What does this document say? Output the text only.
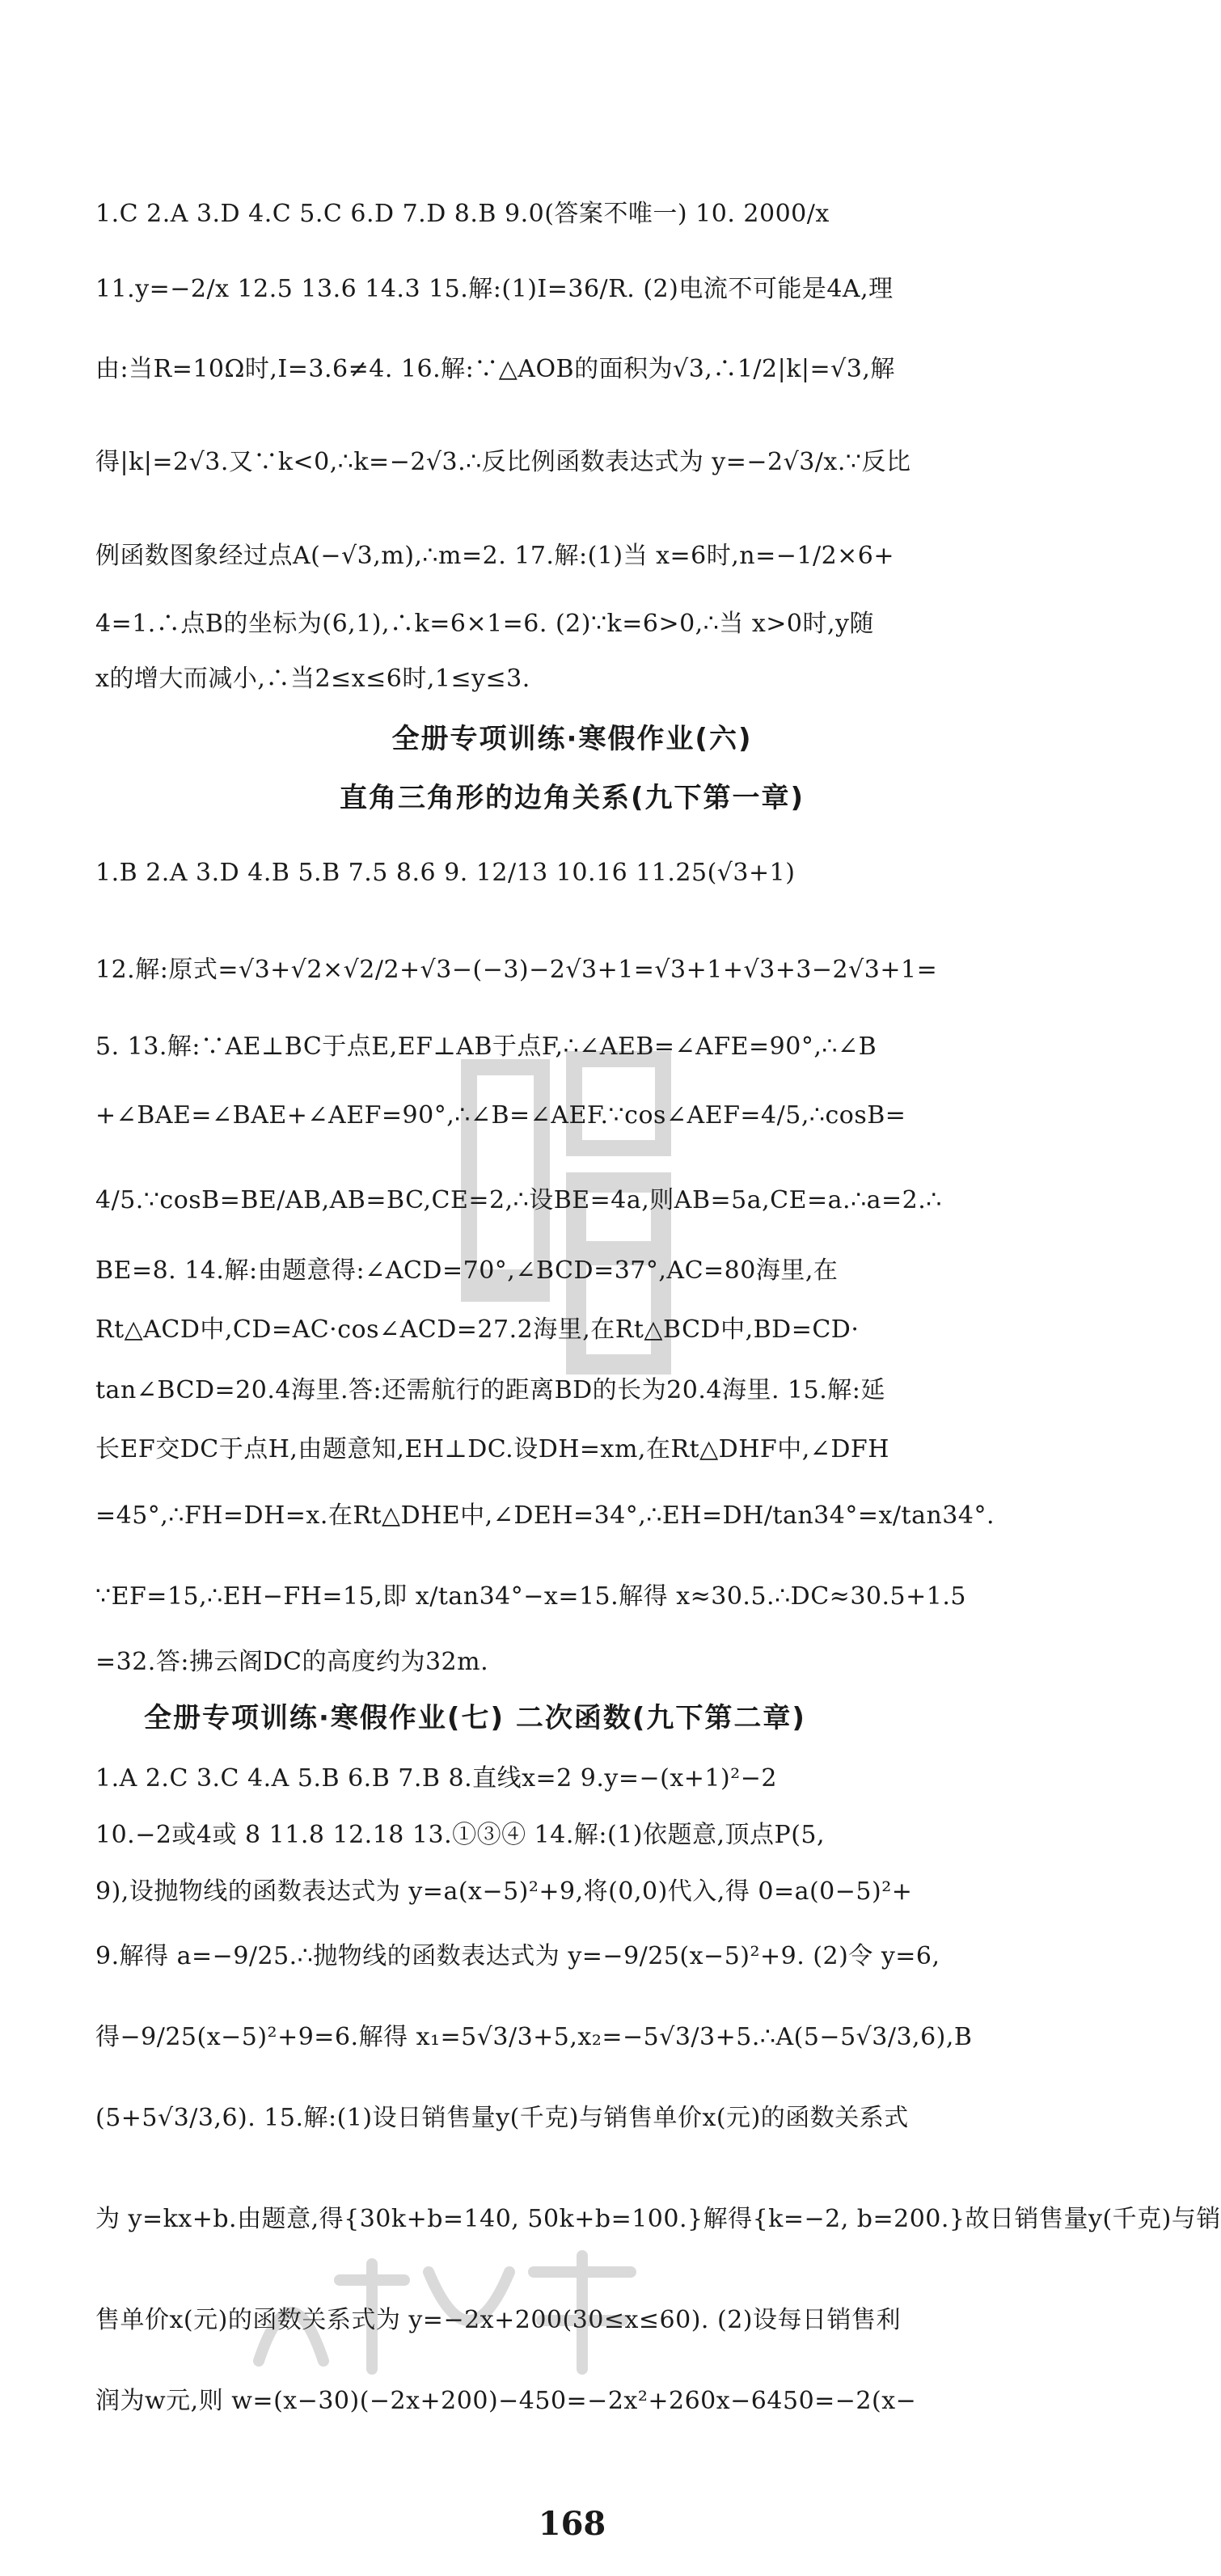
1.C 2.A 3.D 4.C 5.C 6.D 7.D 8.B 9.0(答案不唯一) 10. 2000/x
11.y=−2/x 12.5 13.6 14.3 15.解:(1)I=36/R. (2)电流不可能是4A,理
由:当R=10Ω时,I=3.6≠4. 16.解:∵△AOB的面积为√3,∴1/2|k|=√3,解
得|k|=2√3.又∵k<0,∴k=−2√3.∴反比例函数表达式为 y=−2√3/x.∵反比
例函数图象经过点A(−√3,m),∴m=2. 17.解:(1)当 x=6时,n=−1/2×6+
4=1.∴点B的坐标为(6,1),∴k=6×1=6. (2)∵k=6>0,∴当 x>0时,y随
x的增大而减小,∴当2≤x≤6时,1≤y≤3.
全册专项训练·寒假作业(六)
直角三角形的边角关系(九下第一章)
1.B 2.A 3.D 4.B 5.B 7.5 8.6 9. 12/13 10.16 11.25(√3+1)
12.解:原式=√3+√2×√2/2+√3−(−3)−2√3+1=√3+1+√3+3−2√3+1=
5. 13.解:∵AE⊥BC于点E,EF⊥AB于点F,∴∠AEB=∠AFE=90°,∴∠B
+∠BAE=∠BAE+∠AEF=90°,∴∠B=∠AEF.∵cos∠AEF=4/5,∴cosB=
4/5.∵cosB=BE/AB,AB=BC,CE=2,∴设BE=4a,则AB=5a,CE=a.∴a=2.∴
BE=8. 14.解:由题意得:∠ACD=70°,∠BCD=37°,AC=80海里,在
Rt△ACD中,CD=AC·cos∠ACD=27.2海里,在Rt△BCD中,BD=CD·
tan∠BCD=20.4海里.答:还需航行的距离BD的长为20.4海里. 15.解:延
长EF交DC于点H,由题意知,EH⊥DC.设DH=xm,在Rt△DHF中,∠DFH
=45°,∴FH=DH=x.在Rt△DHE中,∠DEH=34°,∴EH=DH/tan34°=x/tan34°.
∵EF=15,∴EH−FH=15,即 x/tan34°−x=15.解得 x≈30.5.∴DC≈30.5+1.5
=32.答:拂云阁DC的高度约为32m.
全册专项训练·寒假作业(七) 二次函数(九下第二章)
1.A 2.C 3.C 4.A 5.B 6.B 7.B 8.直线x=2 9.y=−(x+1)²−2
10.−2或4或 8 11.8 12.18 13.①③④ 14.解:(1)依题意,顶点P(5,
9),设抛物线的函数表达式为 y=a(x−5)²+9,将(0,0)代入,得 0=a(0−5)²+
9.解得 a=−9/25.∴抛物线的函数表达式为 y=−9/25(x−5)²+9. (2)令 y=6,
得−9/25(x−5)²+9=6.解得 x₁=5√3/3+5,x₂=−5√3/3+5.∴A(5−5√3/3,6),B
(5+5√3/3,6). 15.解:(1)设日销售量y(千克)与销售单价x(元)的函数关系式
为 y=kx+b.由题意,得{30k+b=140, 50k+b=100.}解得{k=−2, b=200.}故日销售量y(千克)与销
售单价x(元)的函数关系式为 y=−2x+200(30≤x≤60). (2)设每日销售利
润为w元,则 w=(x−30)(−2x+200)−450=−2x²+260x−6450=−2(x−
168
